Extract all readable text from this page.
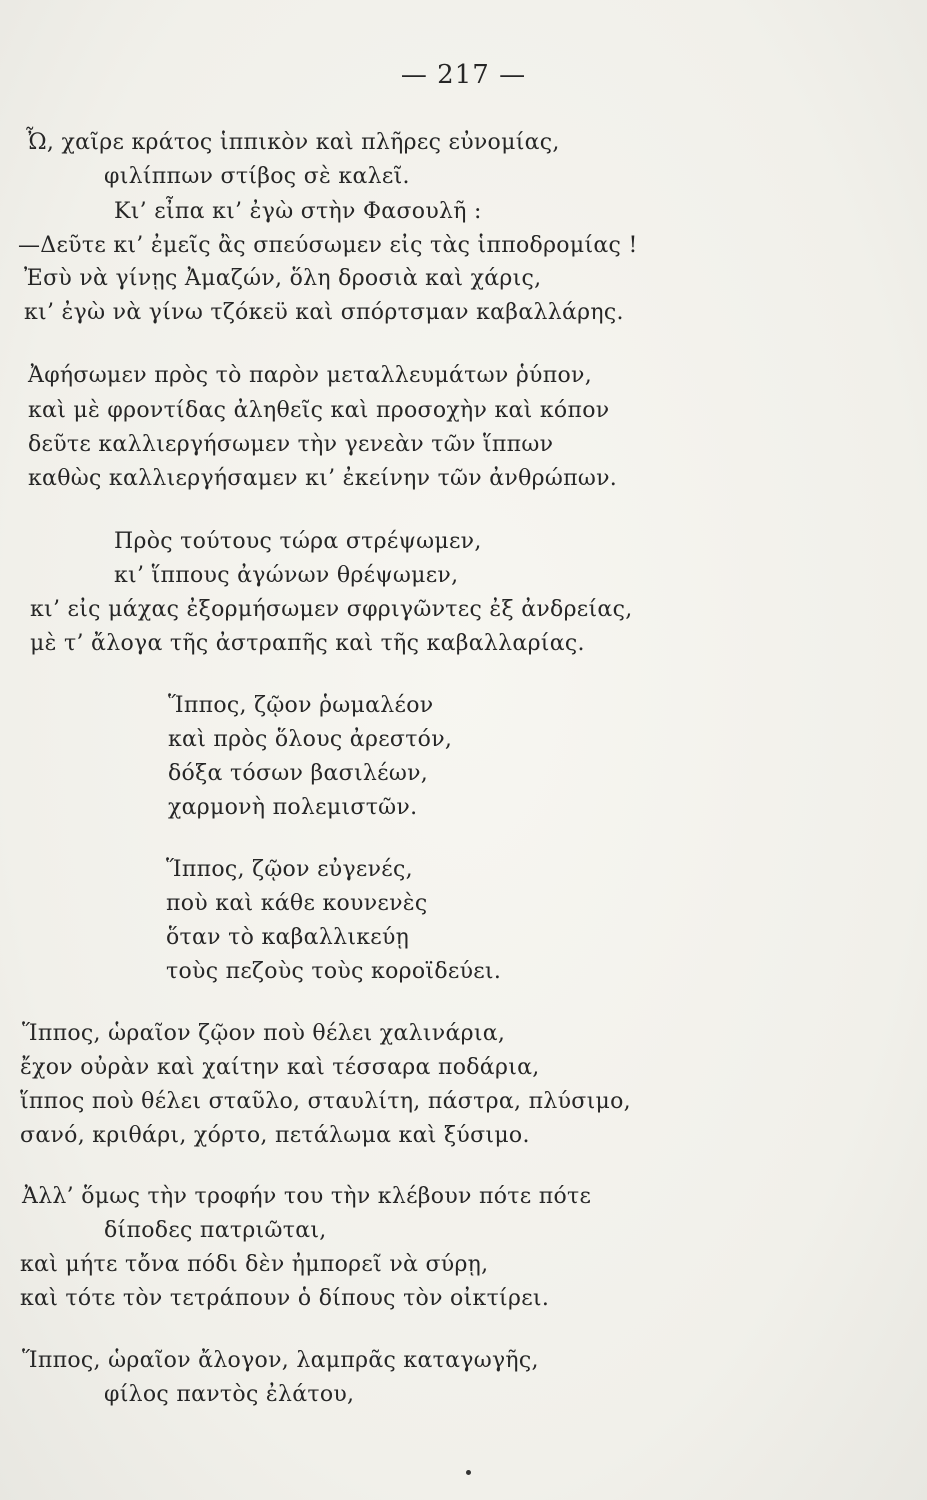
— 217 —
Ὦ, χαῖρε κράτος ἱππικὸν καὶ πλῆρες εὐνομίας,
φιλίππων στίβος σὲ καλεῖ.
Κι’ εἶπα κι’ ἐγὼ στὴν Φασουλῆ :
—Δεῦτε κι’ ἐμεῖς ἂς σπεύσωμεν εἰς τὰς ἱπποδρομίας !
Ἐσὺ νὰ γίνῃς Ἀμαζών, ὅλη δροσιὰ καὶ χάρις,
κι’ ἐγὼ νὰ γίνω τζόκεϋ καὶ σπόρτσμαν καβαλλάρης.
Ἀφήσωμεν πρὸς τὸ παρὸν μεταλλευμάτων ῥύπον,
καὶ μὲ φροντίδας ἀληθεῖς καὶ προσοχὴν καὶ κόπον
δεῦτε καλλιεργήσωμεν τὴν γενεὰν τῶν ἵππων
καθὼς καλλιεργήσαμεν κι’ ἐκείνην τῶν ἀνθρώπων.
Πρὸς τούτους τώρα στρέψωμεν,
κι’ ἵππους ἀγώνων θρέψωμεν,
κι’ εἰς μάχας ἐξορμήσωμεν σφριγῶντες ἐξ ἀνδρείας,
μὲ τ’ ἄλογα τῆς ἀστραπῆς καὶ τῆς καβαλλαρίας.
Ἵππος, ζῷον ῥωμαλέον
καὶ πρὸς ὅλους ἀρεστόν,
δόξα τόσων βασιλέων,
χαρμονὴ πολεμιστῶν.
Ἵππος, ζῷον εὐγενές,
ποὺ καὶ κάθε κουνενὲς
ὅταν τὸ καβαλλικεύῃ
τοὺς πεζοὺς τοὺς κοροϊδεύει.
Ἵππος, ὡραῖον ζῷον ποὺ θέλει χαλινάρια,
ἔχον οὐρὰν καὶ χαίτην καὶ τέσσαρα ποδάρια,
ἵππος ποὺ θέλει σταῦλο, σταυλίτη, πάστρα, πλύσιμο,
σανό, κριθάρι, χόρτο, πετάλωμα καὶ ξύσιμο.
Ἀλλ’ ὅμως τὴν τροφήν του τὴν κλέβουν πότε πότε
δίποδες πατριῶται,
καὶ μήτε τὄνα πόδι δὲν ἠμπορεῖ νὰ σύρῃ,
καὶ τότε τὸν τετράπουν ὁ δίπους τὸν οἰκτίρει.
Ἵππος, ὡραῖον ἄλογον, λαμπρᾶς καταγωγῆς,
φίλος παντὸς ἐλάτου,
